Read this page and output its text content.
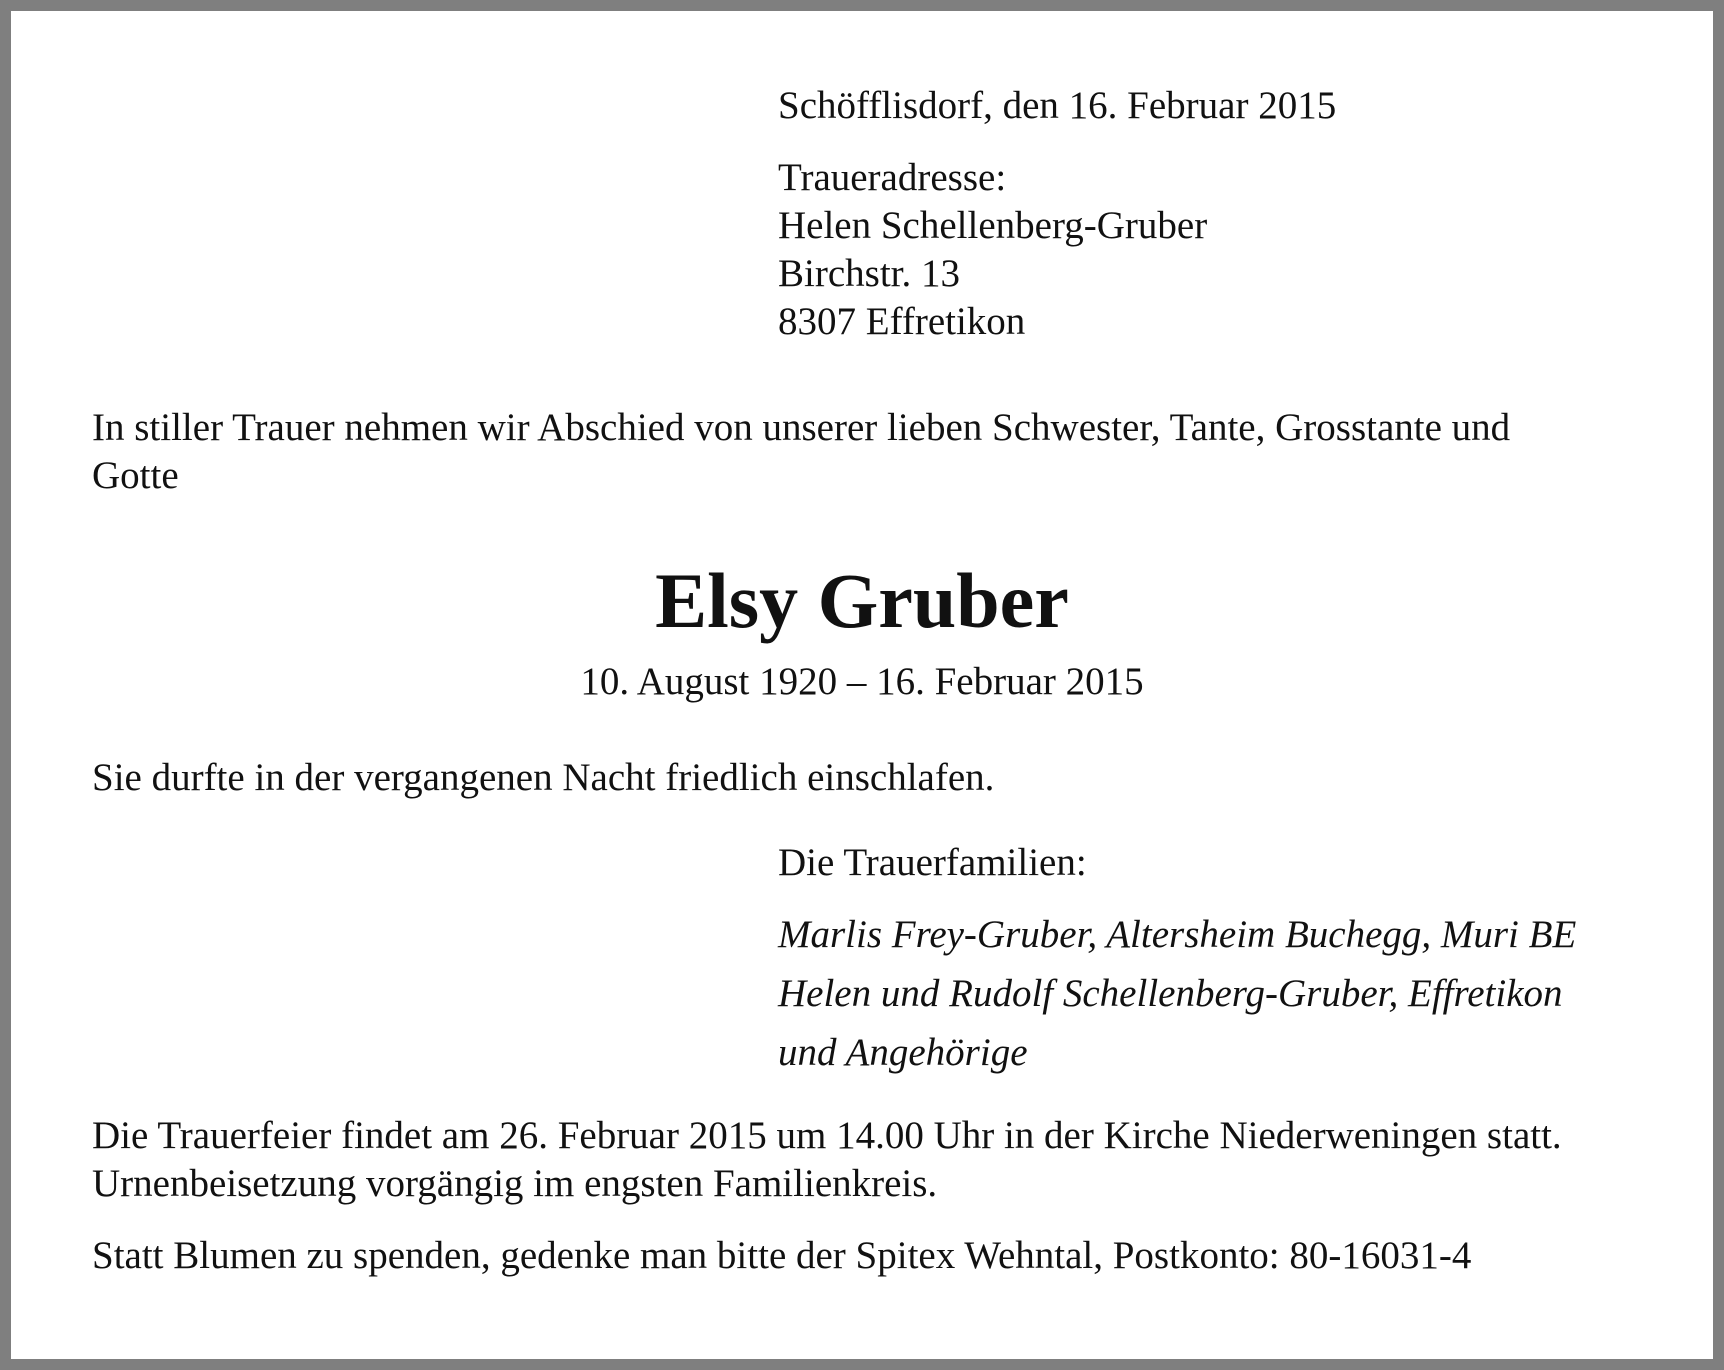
Schöfflisdorf, den 16. Februar 2015
Traueradresse:
Helen Schellenberg-Gruber
Birchstr. 13
8307 Effretikon
In stiller Trauer nehmen wir Abschied von unserer lieben Schwester, Tante, Grosstante und
Gotte
Elsy Gruber
10. August 1920 – 16. Februar 2015
Sie durfte in der vergangenen Nacht friedlich einschlafen.
Die Trauerfamilien:
Marlis Frey-Gruber, Altersheim Buchegg, Muri BE
Helen und Rudolf Schellenberg-Gruber, Effretikon
und Angehörige
Die Trauerfeier findet am 26. Februar 2015 um 14.00 Uhr in der Kirche Niederweningen statt.
Urnenbeisetzung vorgängig im engsten Familienkreis.
Statt Blumen zu spenden, gedenke man bitte der Spitex Wehntal, Postkonto: 80-16031-4
